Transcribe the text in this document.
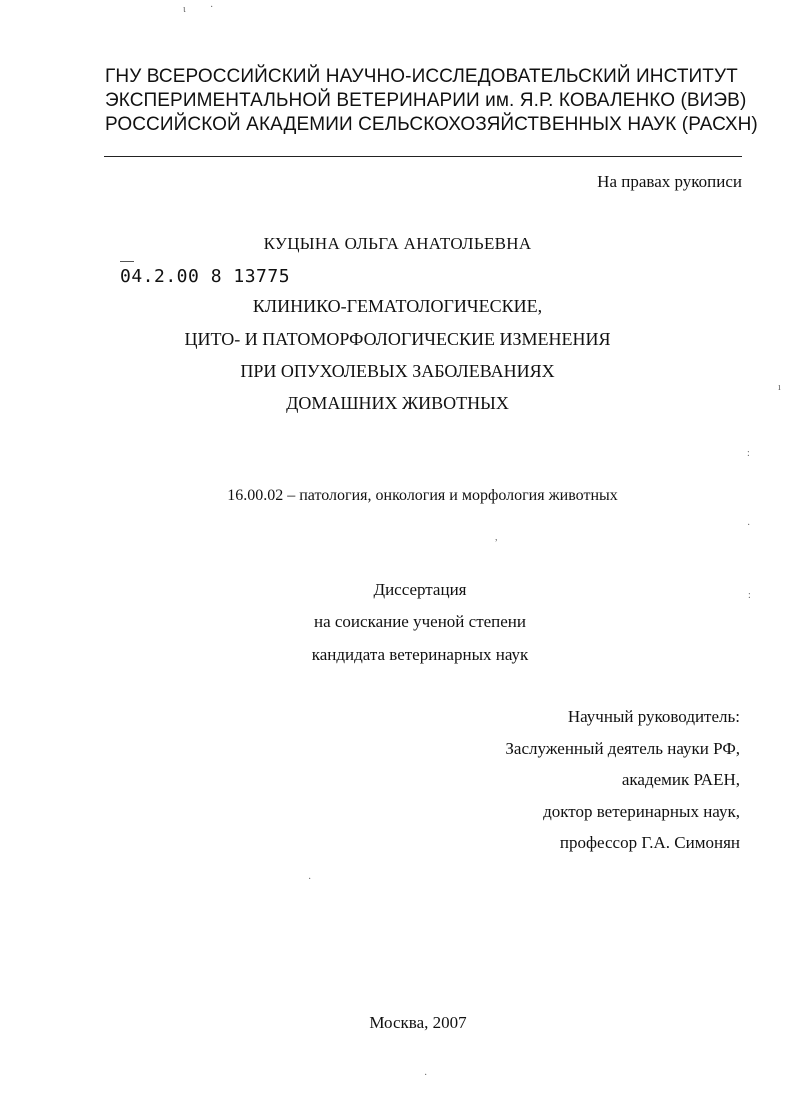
ГНУ ВСЕРОССИЙСКИЙ НАУЧНО-ИССЛЕДОВАТЕЛЬСКИЙ ИНСТИТУТ
ЭКСПЕРИМЕНТАЛЬНОЙ ВЕТЕРИНАРИИ им. Я.Р. КОВАЛЕНКО (ВИЭВ)
РОССИЙСКОЙ АКАДЕМИИ СЕЛЬСКОХОЗЯЙСТВЕННЫХ НАУК (РАСХН)
На правах рукописи
КУЦЫНА ОЛЬГА АНАТОЛЬЕВНА
04.2.00 8 13775
КЛИНИКО-ГЕМАТОЛОГИЧЕСКИЕ,
ЦИТО- И ПАТОМОРФОЛОГИЧЕСКИЕ ИЗМЕНЕНИЯ
ПРИ ОПУХОЛЕВЫХ ЗАБОЛЕВАНИЯХ
ДОМАШНИХ ЖИВОТНЫХ
16.00.02 – патология, онкология и морфология животных
Диссертация
на соискание ученой степени
кандидата ветеринарных наук
Научный руководитель:
Заслуженный деятель науки РФ,
академик РАЕН,
доктор ветеринарных наук,
профессор Г.А. Симонян
Москва, 2007
ι ·
ı
:
·
,
:
·
·
